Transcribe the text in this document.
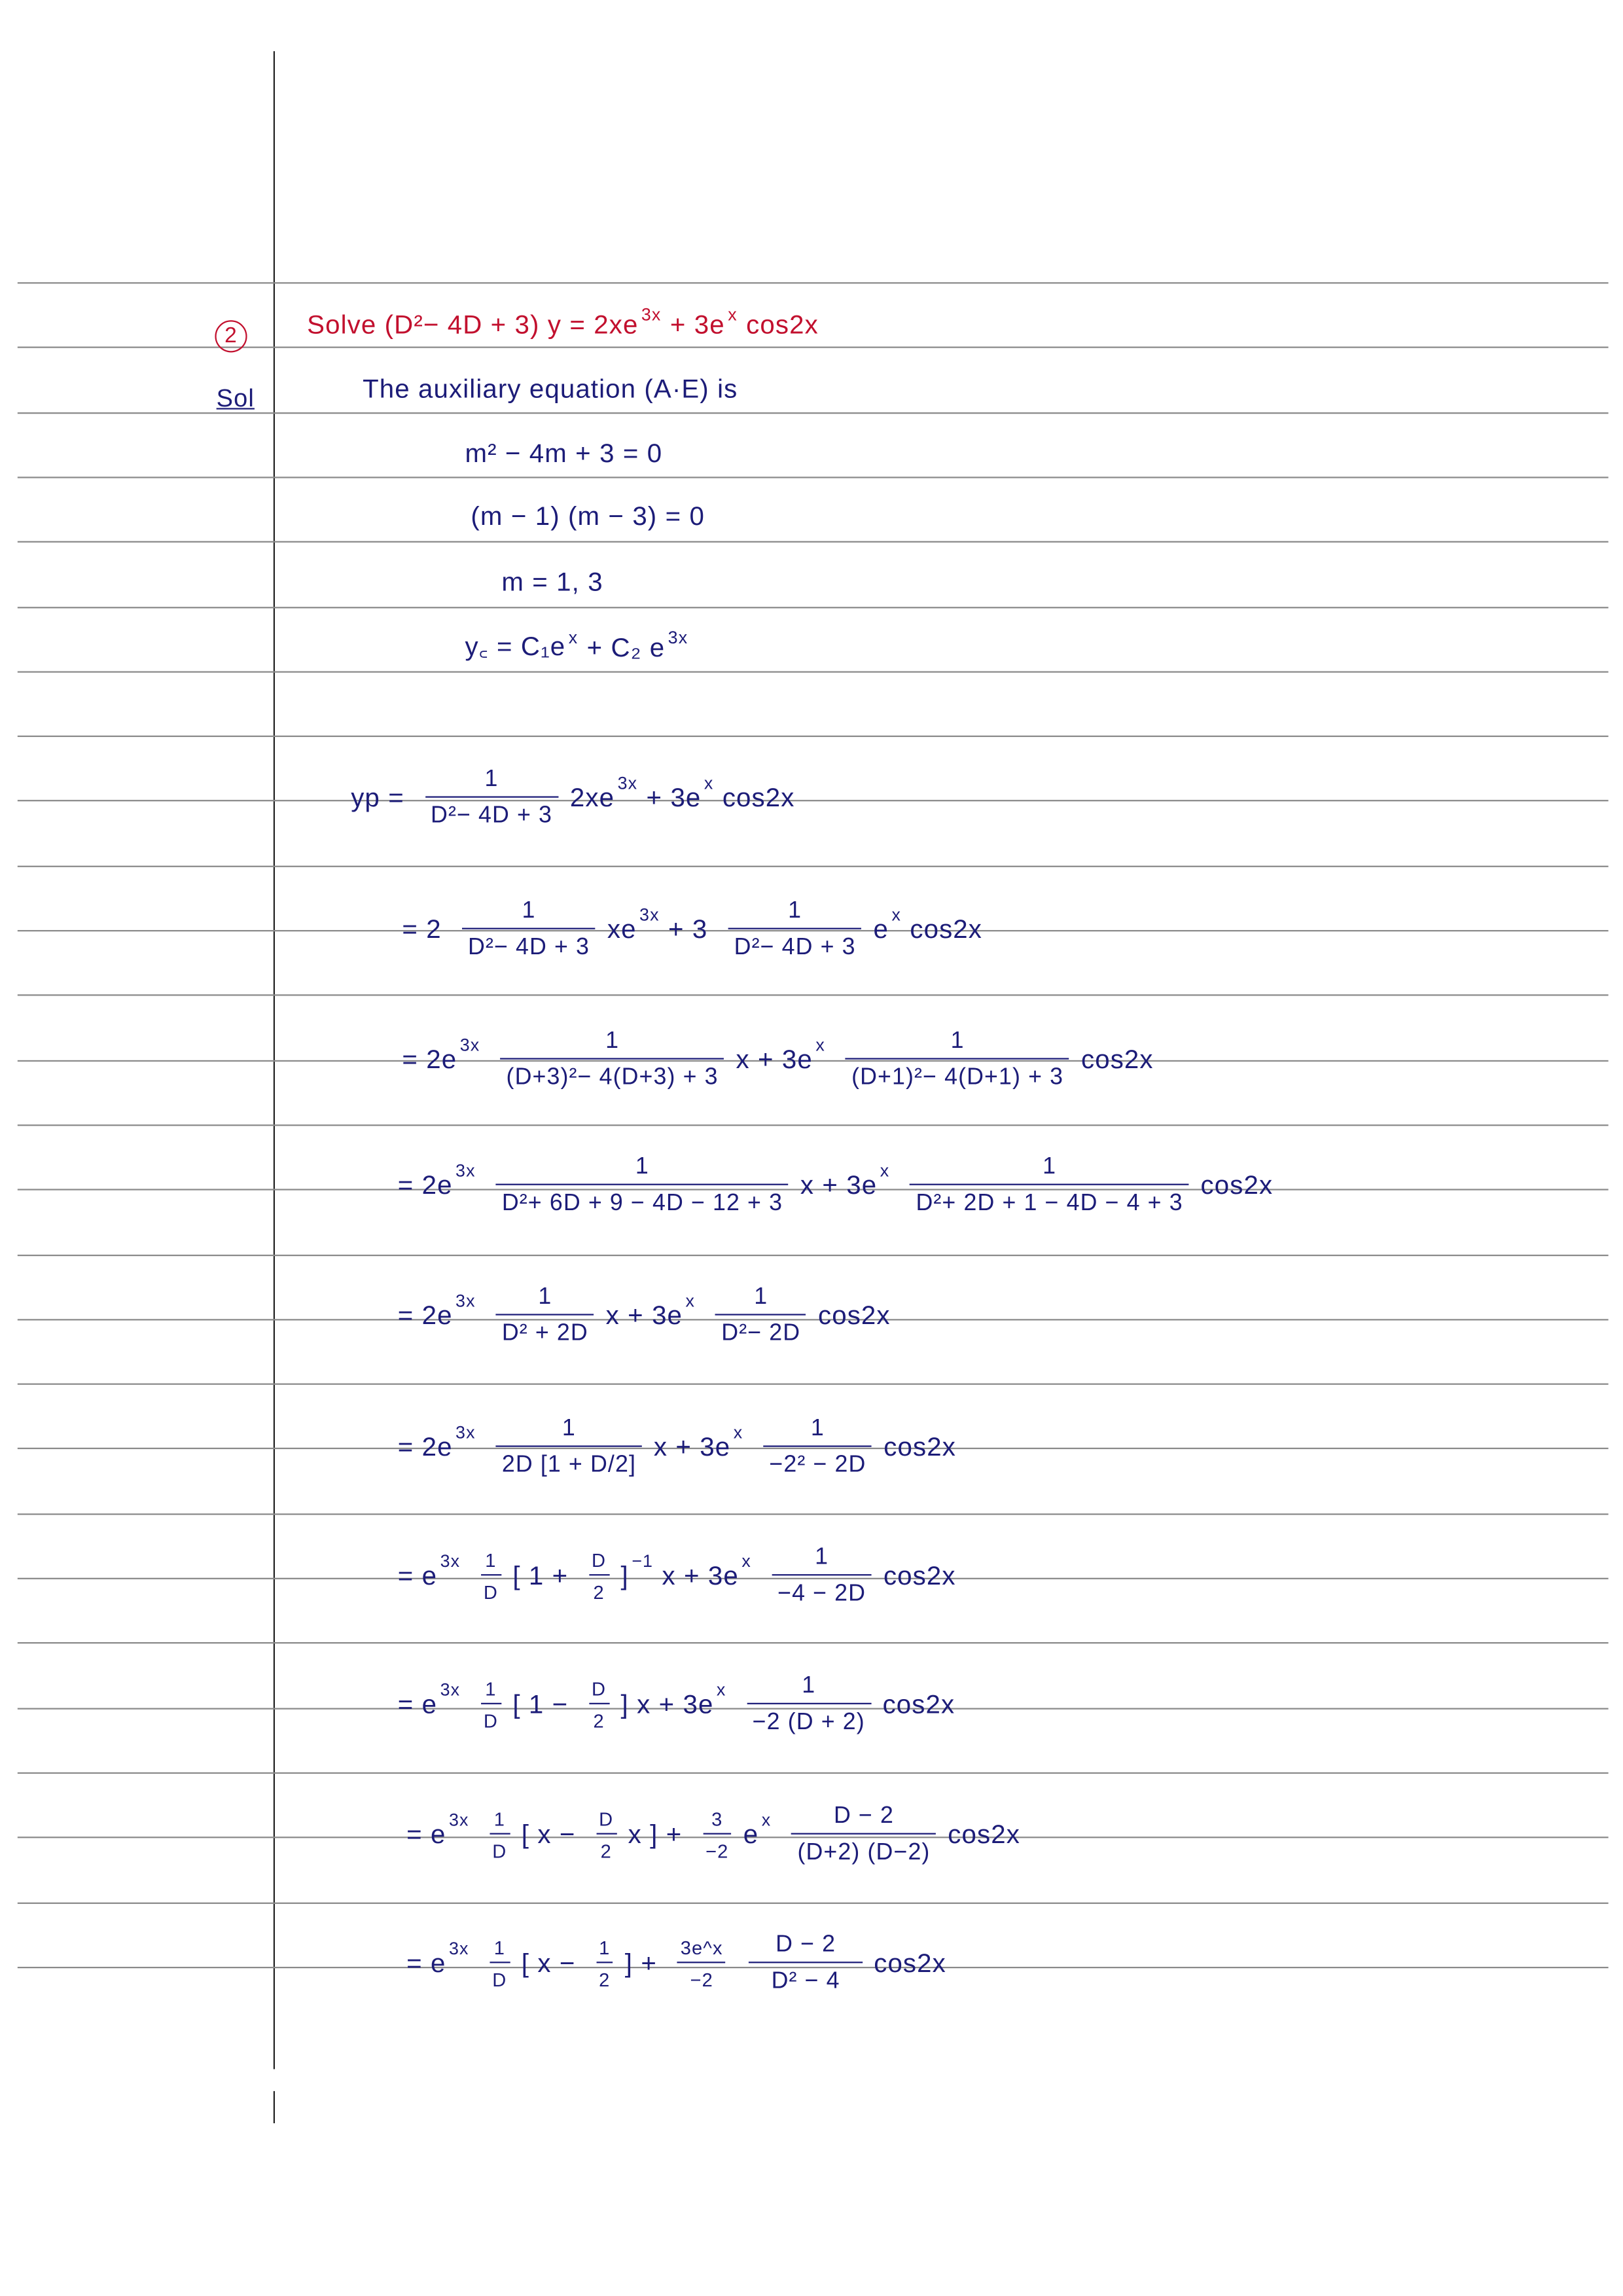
2
Sol
Solve (D²− 4D + 3) y = 2xe 3x + 3e x cos2x
The auxiliary equation (A·E) is
m² − 4m + 3 = 0
(m − 1) (m − 3) = 0
m = 1, 3
y꜀ = C₁e x + C₂ e 3x
yp = $\frac{1}{\text{D²− 4D + 3}} 2xe$
3x
+ 3e
x
cos2x
= $2 \frac{1}{\text{D²− 4D + 3}}$ xe
3x
+ $3 \frac{1}{\text{D²− 4D + 3}}$ e
x
cos2x
= 2e
$3x \frac{1}{\text{(D+3)²− 4(D+3) + 3}}$ x + 3e
x $\frac{1}{\text{(D+1)²− 4(D+1) + 3}} \cos 2x$
= 2e
$3x \frac{1}{\text{D²+ 6D + 9 − 4D − 12 + 3}}$ x + 3e
x $\frac{1}{\text{D²+ 2D + 1 − 4D − 4 + 3}} \cos 2x$
= 2e
$3x \frac{1}{\text{D² + 2D}}$ x + 3e
x $\frac{1}{\text{D²− 2D}} \cos 2x$
= 2e
$3x \frac{1}{2D [1 + D/2]}$ x + 3e
x $\frac{1}{\text{−2² − 2D}} \cos 2x$
= e
$3x \frac{1}{D}$ [ $1 + \frac{D}{2}$ ]
−1
x + 3e
x $\frac{1}{-4 - 2D} \cos 2x$
= e
$3x \frac{1}{D}$ [ $1 - \frac{D}{2}$ ] x + 3e
x $\frac{1}{-2 (D + 2)} \cos 2x$
= e
$3x \frac{1}{D}$ [ $x - \frac{D}{2}$ x ] + $\frac{3}{-2}$ e
x $\frac{D - 2}{(D+2) (D-2)} \cos 2x$
= e
$3x \frac{1}{D}$ [ $x - \frac{1}{2}$ ] + $\frac{3e\^{}x}{-2} \frac{D - 2}{\text{D² − 4}} \cos 2x$
